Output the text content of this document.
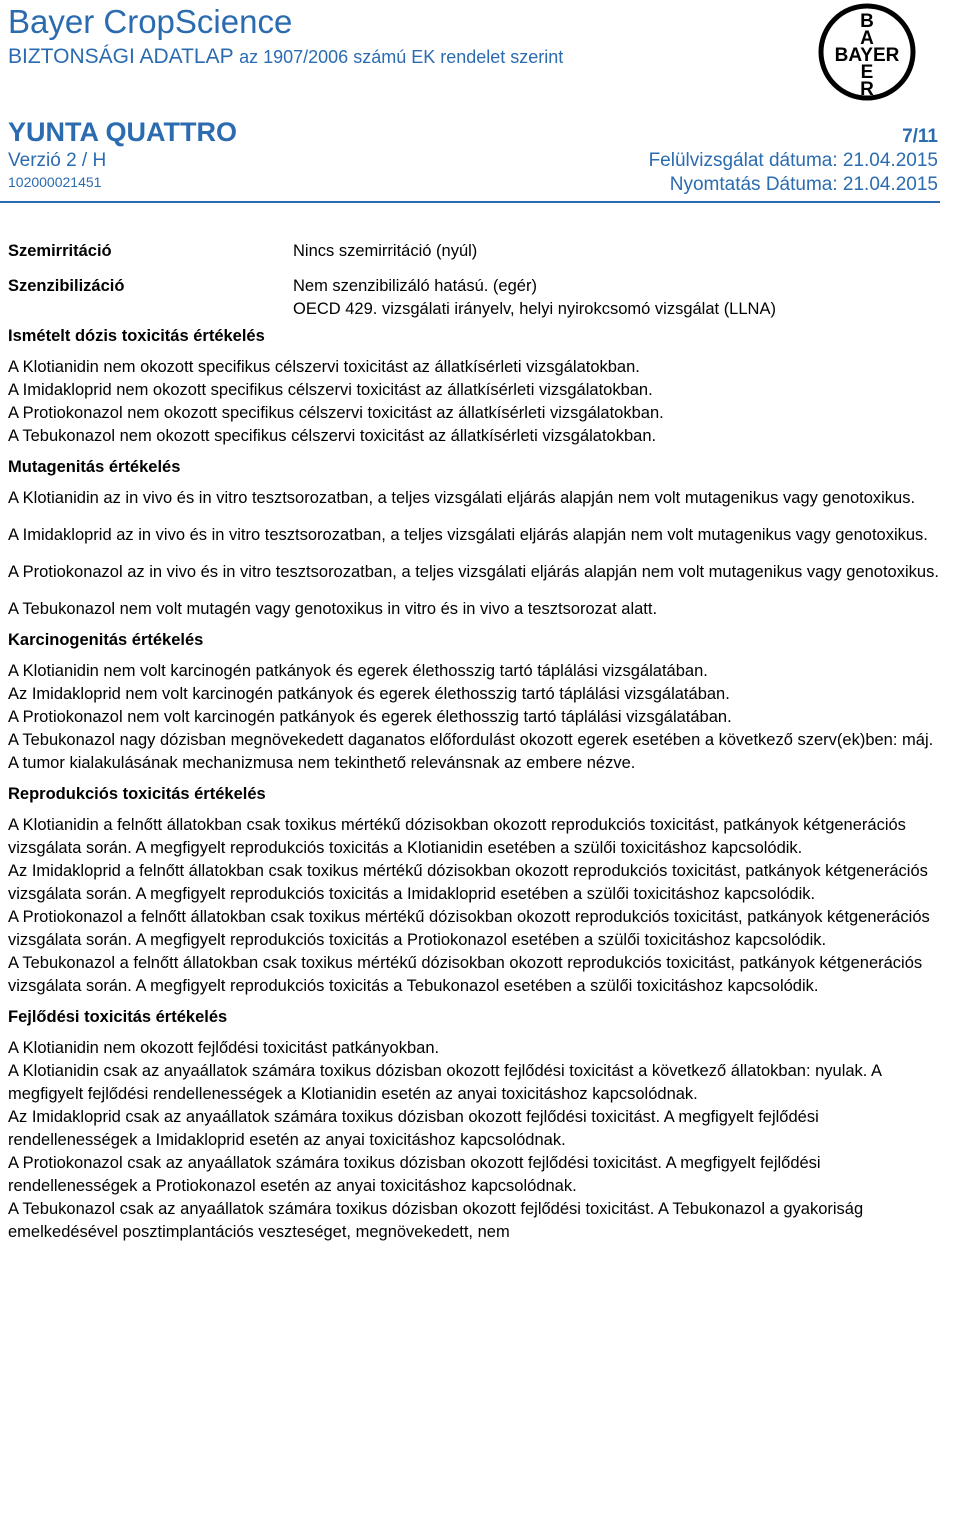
Bayer CropScience
BIZTONSÁGI ADATLAP az 1907/2006 számú EK rendelet szerint
B
A
BAYER
E
R
YUNTA QUATTRO	7/11
Verzió 2 / H
102000021451
Felülvizsgálat dátuma: 21.04.2015
Nyomtatás Dátuma: 21.04.2015
Szemirritáció	Nincs szemirritáció (nyúl)
Szenzibilizáció	Nem szenzibilizáló hatású. (egér)

OECD 429. vizsgálati irányelv, helyi nyirokcsomó vizsgálat (LLNA)

Ismételt dózis toxicitás értékelés

A Klotianidin nem okozott specifikus célszervi toxicitást az állatkísérleti vizsgálatokban.

A Imidakloprid nem okozott specifikus célszervi toxicitást az állatkísérleti vizsgálatokban.

A Protiokonazol nem okozott specifikus célszervi toxicitást az állatkísérleti vizsgálatokban.

A Tebukonazol nem okozott specifikus célszervi toxicitást az állatkísérleti vizsgálatokban.

Mutagenitás értékelés

A Klotianidin az in vivo és in vitro tesztsorozatban, a teljes vizsgálati eljárás alapján nem volt mutagenikus vagy genotoxikus.

A Imidakloprid az in vivo és in vitro tesztsorozatban, a teljes vizsgálati eljárás alapján nem volt mutagenikus vagy genotoxikus.

A Protiokonazol az in vivo és in vitro tesztsorozatban, a teljes vizsgálati eljárás alapján nem volt mutagenikus vagy genotoxikus.

A Tebukonazol nem volt mutagén vagy genotoxikus in vitro és in vivo a tesztsorozat alatt.

Karcinogenitás értékelés

A Klotianidin nem volt karcinogén patkányok és egerek élethosszig tartó táplálási vizsgálatában.

Az Imidakloprid nem volt karcinogén patkányok és egerek élethosszig tartó táplálási vizsgálatában.

A Protiokonazol nem volt karcinogén patkányok és egerek élethosszig tartó táplálási vizsgálatában.

A Tebukonazol nagy dózisban megnövekedett daganatos előfordulást okozott egerek esetében a következő szerv(ek)ben: máj. A tumor kialakulásának mechanizmusa nem tekinthető relevánsnak az embere nézve.

Reprodukciós toxicitás értékelés

A Klotianidin a felnőtt állatokban csak toxikus mértékű dózisokban okozott reprodukciós toxicitást, patkányok kétgenerációs vizsgálata során. A megfigyelt reprodukciós toxicitás a Klotianidin esetében a szülői toxicitáshoz kapcsolódik.

Az Imidakloprid a felnőtt állatokban csak toxikus mértékű dózisokban okozott reprodukciós toxicitást, patkányok kétgenerációs vizsgálata során. A megfigyelt reprodukciós toxicitás a Imidakloprid esetében a szülői toxicitáshoz kapcsolódik.

A Protiokonazol a felnőtt állatokban csak toxikus mértékű dózisokban okozott reprodukciós toxicitást, patkányok kétgenerációs vizsgálata során. A megfigyelt reprodukciós toxicitás a Protiokonazol esetében a szülői toxicitáshoz kapcsolódik.

A Tebukonazol a felnőtt állatokban csak toxikus mértékű dózisokban okozott reprodukciós toxicitást, patkányok kétgenerációs vizsgálata során. A megfigyelt reprodukciós toxicitás a Tebukonazol esetében a szülői toxicitáshoz kapcsolódik.

Fejlődési toxicitás értékelés

A Klotianidin nem okozott fejlődési toxicitást patkányokban.

A Klotianidin csak az anyaállatok számára toxikus dózisban okozott fejlődési toxicitást a következő állatokban: nyulak. A megfigyelt fejlődési rendellenességek a Klotianidin esetén az anyai toxicitáshoz kapcsolódnak.

Az Imidakloprid csak az anyaállatok számára toxikus dózisban okozott fejlődési toxicitást. A megfigyelt fejlődési rendellenességek a Imidakloprid esetén az anyai toxicitáshoz kapcsolódnak.

A Protiokonazol csak az anyaállatok számára toxikus dózisban okozott fejlődési toxicitást. A megfigyelt fejlődési rendellenességek a Protiokonazol esetén az anyai toxicitáshoz kapcsolódnak.

A Tebukonazol csak az anyaállatok számára toxikus dózisban okozott fejlődési toxicitást. A Tebukonazol a gyakoriság emelkedésével posztimplantációs veszteséget, megnövekedett, nem
